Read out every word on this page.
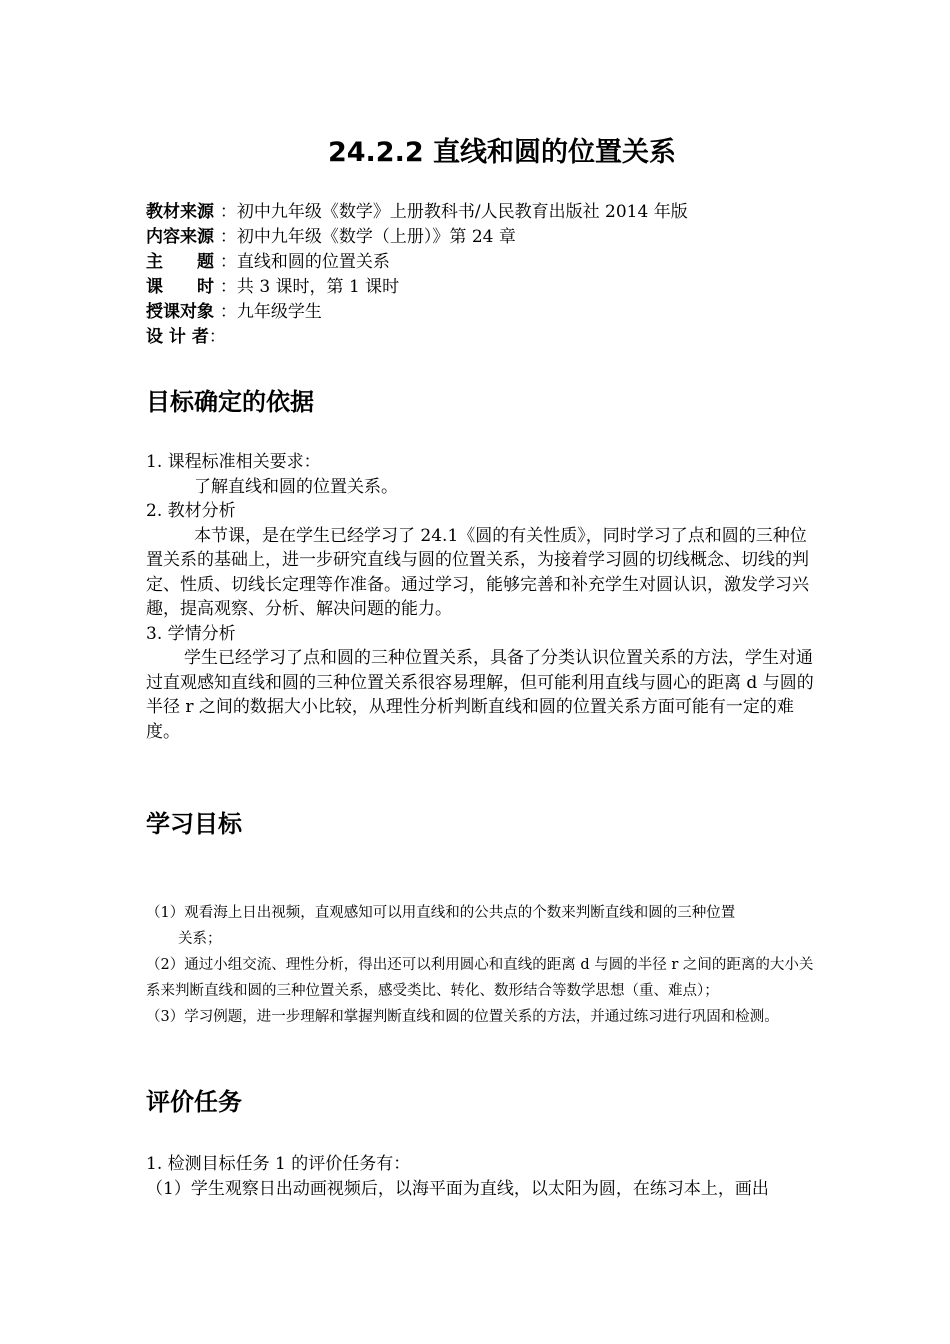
24.2.2 直线和圆的位置关系
教材来源 ：初中九年级《数学》上册教科书/人民教育出版社 2014 年版
内容来源 ：初中九年级《数学（上册）》第 24 章
主　　题 ：直线和圆的位置关系
课　　时 ：共 3 课时，第 1 课时
授课对象 ：九年级学生
设 计 者：
目标确定的依据

1. 课程标准相关要求：

了解直线和圆的位置关系。

2. 教材分析

本节课，是在学生已经学习了 24.1《圆的有关性质》，同时学习了点和圆的三种位置关系的基础上，进一步研究直线与圆的位置关系，为接着学习圆的切线概念、切线的判定、性质、切线长定理等作准备。通过学习，能够完善和补充学生对圆认识，激发学习兴趣，提高观察、分析、解决问题的能力。

3. 学情分析

学生已经学习了点和圆的三种位置关系，具备了分类认识位置关系的方法，学生对通过直观感知直线和圆的三种位置关系很容易理解，但可能利用直线与圆心的距离 d 与圆的半径 r 之间的数据大小比较，从理性分析判断直线和圆的位置关系方面可能有一定的难度。

学习目标

（1）观看海上日出视频，直观感知可以用直线和的公共点的个数来判断直线和圆的三种位置

关系；

（2）通过小组交流、理性分析，得出还可以利用圆心和直线的距离 d 与圆的半径 r 之间的距离的大小关系来判断直线和圆的三种位置关系，感受类比、转化、数形结合等数学思想（重、难点）；

（3）学习例题，进一步理解和掌握判断直线和圆的位置关系的方法，并通过练习进行巩固和检测。

评价任务

1. 检测目标任务 1 的评价任务有：

（1）学生观察日出动画视频后，以海平面为直线，以太阳为圆，在练习本上，画出
